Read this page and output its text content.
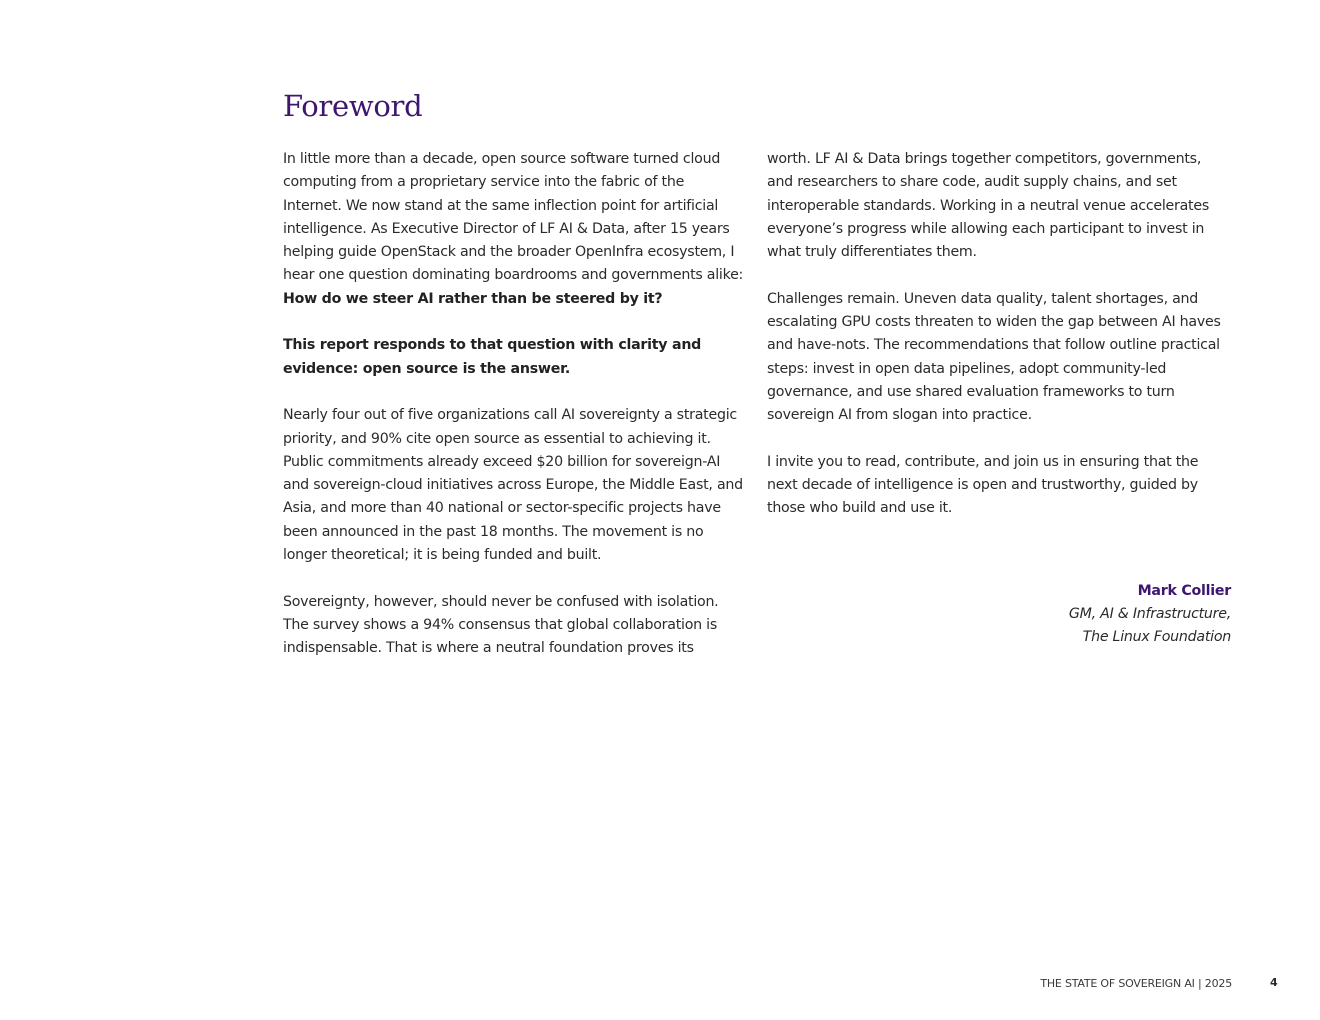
Foreword

In little more than a decade, open source software turned cloud computing from a proprietary service into the fabric of the Internet. We now stand at the same inflection point for artificial intelligence. As Executive Director of LF AI & Data, after 15 years helping guide OpenStack and the broader OpenInfra ecosystem, I hear one question dominating boardrooms and governments alike: How do we steer AI rather than be steered by it?

This report responds to that question with clarity and evidence: open source is the answer.

Nearly four out of five organizations call AI sovereignty a strategic priority, and 90% cite open source as essential to achieving it. Public commitments already exceed $20 billion for sovereign-AI and sovereign-cloud initiatives across Europe, the Middle East, and Asia, and more than 40 national or sector-specific projects have been announced in the past 18 months. The movement is no longer theoretical; it is being funded and built.

Sovereignty, however, should never be confused with isolation. The survey shows a 94% consensus that global collaboration is indispensable. That is where a neutral foundation proves its

worth. LF AI & Data brings together competitors, governments, and researchers to share code, audit supply chains, and set interoperable standards. Working in a neutral venue accelerates everyone’s progress while allowing each participant to invest in what truly differentiates them.

Challenges remain. Uneven data quality, talent shortages, and escalating GPU costs threaten to widen the gap between AI haves and have-nots. The recommendations that follow outline practical steps: invest in open data pipelines, adopt community-led governance, and use shared evaluation frameworks to turn sovereign AI from slogan into practice.

I invite you to read, contribute, and join us in ensuring that the next decade of intelligence is open and trustworthy, guided by those who build and use it.

Mark Collier
GM, AI & Infrastructure,
The Linux Foundation
THE STATE OF SOVEREIGN AI | 2025	4
